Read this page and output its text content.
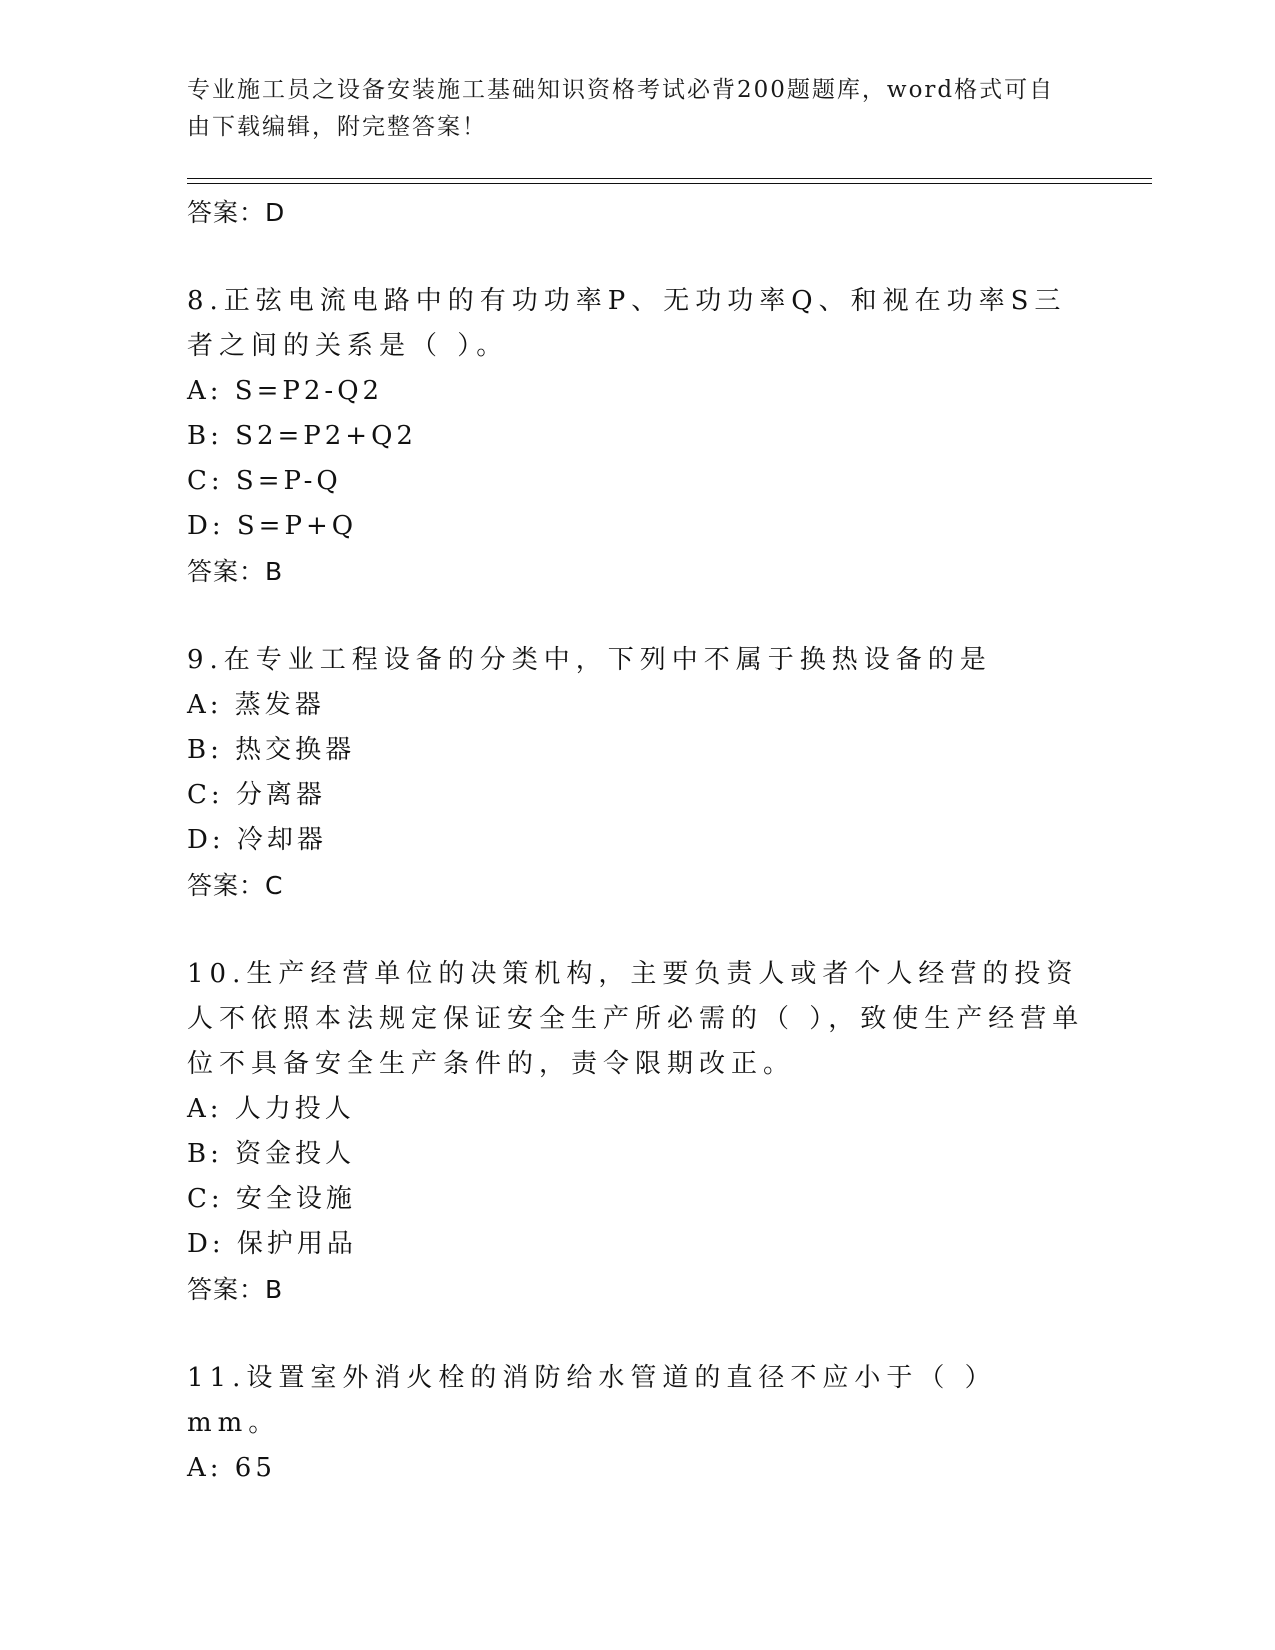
专业施工员之设备安装施工基础知识资格考试必背200题题库，word格式可自由下载编辑，附完整答案！
答案：D
8.正弦电流电路中的有功功率P、无功功率Q、和视在功率S三者之间的关系是（ ）。
A: S=P2-Q2
B: S2=P2+Q2
C: S=P-Q
D: S=P+Q
答案：B
9.在专业工程设备的分类中，下列中不属于换热设备的是
A: 蒸发器
B: 热交换器
C: 分离器
D: 冷却器
答案：C
10.生产经营单位的决策机构，主要负责人或者个人经营的投资人不依照本法规定保证安全生产所必需的（ ），致使生产经营单位不具备安全生产条件的，责令限期改正。
A: 人力投人
B: 资金投人
C: 安全设施
D: 保护用品
答案：B
11.设置室外消火栓的消防给水管道的直径不应小于（ ）mm。
A: 65
